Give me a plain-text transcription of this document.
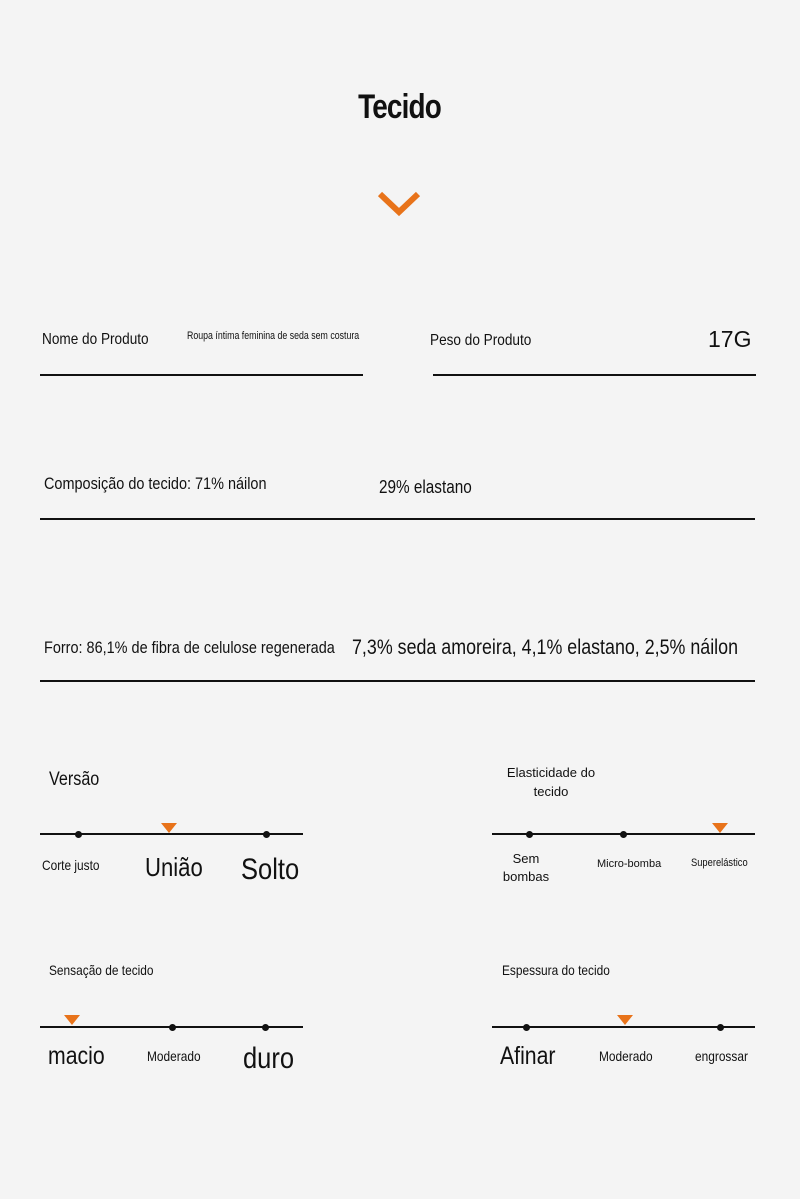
Tecido
Nome do Produto	Roupa íntima feminina de seda sem costura	Peso do Produto	17G
Composição do tecido: 71% náilon	29% elastano
Forro: 86,1% de fibra de celulose regenerada 7,3% seda amoreira, 4,1% elastano, 2,5% náilon
Versão
Corte justo	União	Solto
Elasticidade do tecido
Sem bombas
Micro-bomba	Superelástico
Sensação de tecido
macio	Moderado	duro
Espessura do tecido
Afinar	Moderado	engrossar
